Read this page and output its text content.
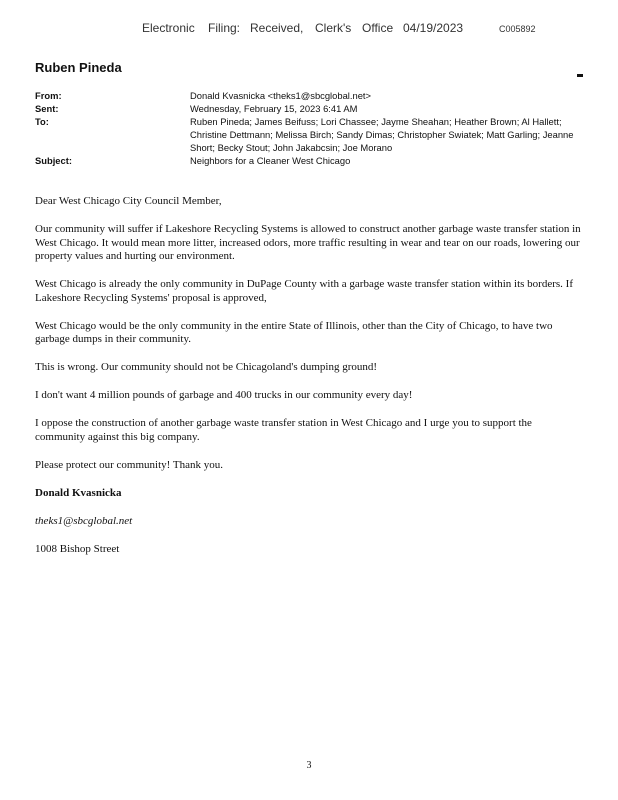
Electronic Filing: Received, Clerk's Office 04/19/2023	C005892
Ruben Pineda
From:	Donald Kvasnicka <theks1@sbcglobal.net>
Sent:	Wednesday, February 15, 2023 6:41 AM
To:	Ruben Pineda; James Beifuss; Lori Chassee; Jayme Sheahan; Heather Brown; Al Hallett; Christine Dettmann; Melissa Birch; Sandy Dimas; Christopher Swiatek; Matt Garling; Jeanne Short; Becky Stout; John Jakabcsin; Joe Morano
Subject:	Neighbors for a Cleaner West Chicago

Dear West Chicago City Council Member,

Our community will suffer if Lakeshore Recycling Systems is allowed to construct another garbage waste transfer station in West Chicago. It would mean more litter, increased odors, more traffic resulting in wear and tear on our roads, lowering our property values and hurting our environment.

West Chicago is already the only community in DuPage County with a garbage waste transfer station within its borders. If Lakeshore Recycling Systems' proposal is approved,

West Chicago would be the only community in the entire State of Illinois, other than the City of Chicago, to have two garbage dumps in their community.

This is wrong. Our community should not be Chicagoland's dumping ground!

I don't want 4 million pounds of garbage and 400 trucks in our community every day!

I oppose the construction of another garbage waste transfer station in West Chicago and I urge you to support the community against this big company.

Please protect our community! Thank you.

Donald Kvasnicka

theks1@sbcglobal.net

1008 Bishop Street

3
